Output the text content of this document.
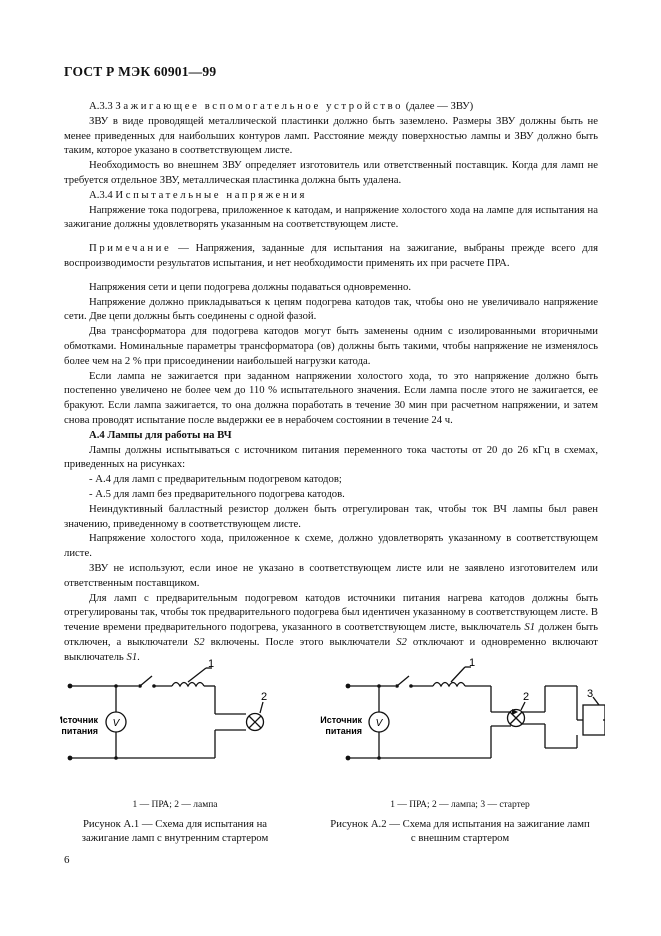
ГОСТ Р МЭК 60901—99

А.3.3 Зажигающее вспомогательное устройство (далее — ЗВУ)

ЗВУ в виде проводящей металлической пластинки должно быть заземлено. Размеры ЗВУ должны быть не менее приведенных для наибольших контуров ламп. Расстояние между поверхностью лампы и ЗВУ должно быть таким, которое указано в соответствующем листе.

Необходимость во внешнем ЗВУ определяет изготовитель или ответственный поставщик. Когда для ламп не требуется отдельное ЗВУ, металлическая пластинка должна быть удалена.

А.3.4 Испытательные напряжения

Напряжение тока подогрева, приложенное к катодам, и напряжение холостого хода на лампе для испытания на зажигание должны удовлетворять указанным на соответствующем листе.

Примечание — Напряжения, заданные для испытания на зажигание, выбраны прежде всего для воспроизводимости результатов испытания, и нет необходимости применять их при расчете ПРА.

Напряжения сети и цепи подогрева должны подаваться одновременно.

Напряжение должно прикладываться к цепям подогрева катодов так, чтобы оно не увеличивало напряжение сети. Две цепи должны быть соединены с одной фазой.

Два трансформатора для подогрева катодов могут быть заменены одним с изолированными вторичными обмотками. Номинальные параметры трансформатора (ов) должны быть такими, чтобы напряжение не изменялось более чем на 2 % при присоединении наибольшей нагрузки катода.

Если лампа не зажигается при заданном напряжении холостого хода, то это напряжение должно быть постепенно увеличено не более чем до 110 % испытательного значения. Если лампа после этого не зажигается, ее бракуют. Если лампа зажигается, то она должна поработать в течение 30 мин при расчетном напряжении, и затем снова проводят испытание после выдержки ее в нерабочем состоянии в течение 24 ч.

А.4 Лампы для работы на ВЧ

Лампы должны испытываться с источником питания переменного тока частоты от 20 до 26 кГц в схемах, приведенных на рисунках:

- А.4 для ламп с предварительным подогревом катодов;

- А.5 для ламп без предварительного подогрева катодов.

Неиндуктивный балластный резистор должен быть отрегулирован так, чтобы ток ВЧ лампы был равен значению, приведенному в соответствующем листе.

Напряжение холостого хода, приложенное к схеме, должно удовлетворять указанному в соответствующем листе.

ЗВУ не используют, если иное не указано в соответствующем листе или не заявлено изготовителем или ответственным поставщиком.

Для ламп с предварительным подогревом катодов источники питания нагрева катодов должны быть отрегулированы так, чтобы ток предварительного подогрева был идентичен указанному в соответствующем листе. В течение времени предварительного подогрева, указанного в соответствующем листе, выключатель S1 должен быть отключен, а выключатели S2 включены. После этого выключатели S2 отключают и одновременно включают выключатель S1.

V
Источник
питания
1
2
1 — ПРА; 2 — лампа
Рисунок А.1 — Схема для испытания на
зажигание ламп с внутренним стартером
V
Источник
питания
1
2	3
1 — ПРА; 2 — лампа; 3 — стартер
Рисунок А.2 — Схема для испытания на зажигание ламп
с внешним стартером
6
